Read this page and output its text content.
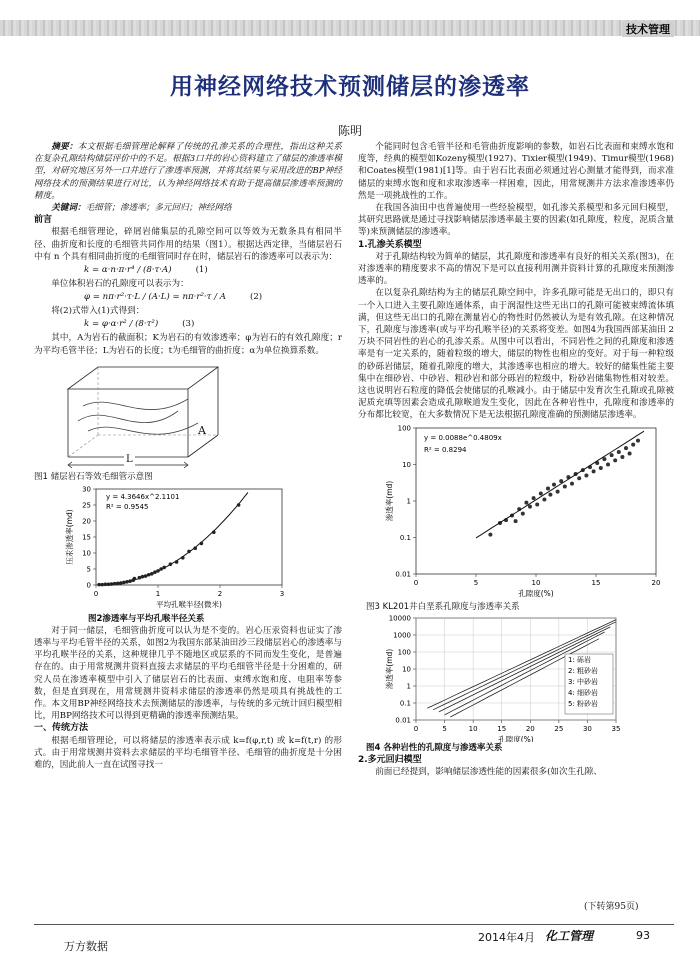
技术管理
用神经网络技术预测储层的渗透率
陈明

摘要：本文根据毛细管理论解释了传统的孔渗关系的合理性，指出这种关系在复杂孔隙结构储层评价中的不足。根据3口井的岩心资料建立了储层的渗透率模型，对研究地区另外一口井进行了渗透率预测，并将其结果与采用改进的BP神经网络技术的预测结果进行对比，认为神经网络技术有助于提高储层渗透率预测的精度。

关键词：毛细管；渗透率；多元回归；神经网络

前言

根据毛细管理论，碎屑岩储集层的孔隙空间可以等效为无数条具有相同半径、曲折度和长度的毛细管共同作用的结果（图1）。根据达西定律，当储层岩石中有 n 个具有相同曲折度的毛细管同时存在时，储层岩石的渗透率可以表示为：

k = α·n·π·r⁴ / (8·τ·A)	(1)

单位体积岩石的孔隙度可以表示为：

φ = nπ·r²·τ·L / (A·L) = nπ·r²·τ / A	(2)

将(2)式带入(1)式得到：

k = φ·α·r² / (8·τ²)	(3)

其中，A为岩石的截面积；K为岩石的有效渗透率；φ为岩石的有效孔隙度；r为平均毛管半径；L为岩石的长度；t为毛细管的曲折度；α为单位换算系数。

A
L
图1 储层岩石等效毛细管示意图
0	1	2	3
0
5
10
15
20
25
30
平均孔喉半径(微米)
压汞渗透率(md)
y = 4.3646x^2.1101
R² = 0.9545
图2渗透率与平均孔喉半径关系

对于同一储层，毛细管曲折度可以认为是不变的。岩心压汞资料也证实了渗透率与平均毛管半径的关系，如图2为我国东部某油田沙三段储层岩心的渗透率与平均孔喉半径的关系，这种规律几乎不随地区或层系的不同而发生变化，是普遍存在的。由于用常规测井资料直接去求储层的平均毛细管半径是十分困难的，研究人员在渗透率模型中引入了储层岩石的比表面、束缚水饱和度、电阻率等参数，但是直到现在，用常规测井资料求储层的渗透率仍然是项具有挑战性的工作。本文用BP神经网络技术去预测储层的渗透率，与传统的多元统计回归模型相比，用BP网络技术可以得到更精确的渗透率预测结果。

一、传统方法

根据毛细管理论，可以将储层的渗透率表示成 k=f(φ,r,t) 或 k=f(t,r) 的形式。由于用常规测井资料去求储层的平均毛细管半径、毛细管的曲折度是十分困难的，因此前人一直在试图寻找一

个能同时包含毛管半径和毛管曲折度影响的参数，如岩石比表面和束缚水饱和度等，经典的模型如Kozeny模型(1927)、Tixier模型(1949)、Timur模型(1968)和Coates模型(1981)[1]等。由于岩石比表面必须通过岩心测量才能得到，而求准储层的束缚水饱和度和求取渗透率一样困难，因此，用常规测井方法求准渗透率仍然是一项挑战性的工作。

在我国各油田中也普遍使用一些经验模型，如孔渗关系模型和多元回归模型，其研究思路就是通过寻找影响储层渗透率最主要的因素(如孔隙度，粒度，泥质含量等)来预测储层的渗透率。

1.孔渗关系模型

对于孔隙结构较为简单的储层，其孔隙度和渗透率有良好的相关关系(图3)，在对渗透率的精度要求不高的情况下是可以直接利用测井资料计算的孔隙度来预测渗透率的。

在以复杂孔隙结构为主的储层孔隙空间中，许多孔隙可能是无出口的，即只有一个入口进入主要孔隙连通体系，由于润湿性这些无出口的孔隙可能被束缚流体填满，但这些无出口的孔隙在测量岩心的物性时仍然被认为是有效孔隙。在这种情况下，孔隙度与渗透率(或与平均孔喉半径)的关系将变差。如图4为我国西部某油田 2 万块不同岩性的岩心的孔渗关系。从图中可以看出，不同岩性之间的孔隙度和渗透率是有一定关系的，随着粒级的增大，储层的物性也相应的变好。对于每一种粒级的砂砾岩储层，随着孔隙度的增大，其渗透率也相应的增大。较好的储集性能主要集中在细砂岩、中砂岩、粗砂岩和部分砾岩的粒级中，粉砂岩储集物性相对较差。这也说明岩石粒度的降低会使储层的孔喉减小。由于储层中发育次生孔隙或孔隙被泥质充填等因素会造成孔隙喉道发生变化，因此在各种岩性中，孔隙度和渗透率的分布都比较宽，在大多数情况下是无法根据孔隙度准确的预测储层渗透率。

0	5	10	15	20
0.01
0.1
1
10
100
孔隙度(%)
渗透率(md)
y = 0.0088e^0.4809x
R² = 0.8294
图3 KL201井白垩系孔隙度与渗透率关系
0	5	10	15	20	25	30	35
0.01
0.1
1
10
100
1000
10000
孔隙度(%)
渗透率(md)	1: 砾岩
2: 粗砂岩
3: 中砂岩
4: 细砂岩
5: 粉砂岩
图4 各种岩性的孔隙度与渗透率关系
2.多元回归模型

前面已经提到，影响储层渗透性能的因素很多(如次生孔隙、

(下转第95页)
2014年4月 化工管理	93
万方数据
